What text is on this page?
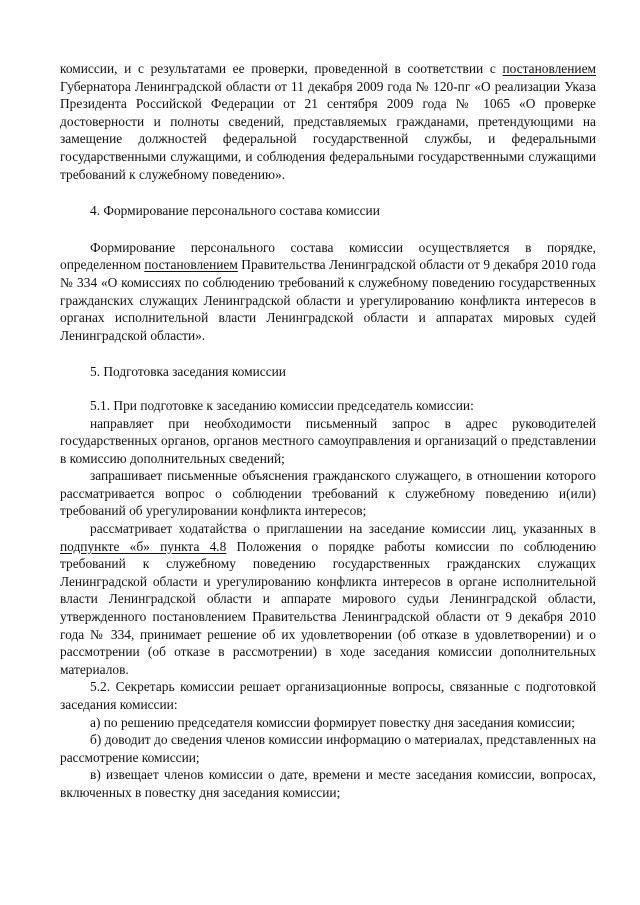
комиссии, и с результатами ее проверки, проведенной в соответствии с постановлением Губернатора Ленинградской области от 11 декабря 2009 года № 120-пг «О реализации Указа Президента Российской Федерации от 21 сентября 2009 года № 1065 «О проверке достоверности и полноты сведений, представляемых гражданами, претендующими на замещение должностей федеральной государственной службы, и федеральными государственными служащими, и соблюдения федеральными государственными служащими требований к служебному поведению».

4. Формирование персонального состава комиссии

Формирование персонального состава комиссии осуществляется в порядке, определенном постановлением Правительства Ленинградской области от 9 декабря 2010 года № 334 «О комиссиях по соблюдению требований к служебному поведению государственных гражданских служащих Ленинградской области и урегулированию конфликта интересов в органах исполнительной власти Ленинградской области и аппаратах мировых судей Ленинградской области».

5. Подготовка заседания комиссии

5.1. При подготовке к заседанию комиссии председатель комиссии:

направляет при необходимости письменный запрос в адрес руководителей государственных органов, органов местного самоуправления и организаций о представлении в комиссию дополнительных сведений;

запрашивает письменные объяснения гражданского служащего, в отношении которого рассматривается вопрос о соблюдении требований к служебному поведению и(или) требований об урегулировании конфликта интересов;

рассматривает ходатайства о приглашении на заседание комиссии лиц, указанных в подпункте «б» пункта 4.8 Положения о порядке работы комиссии по соблюдению требований к служебному поведению государственных гражданских служащих Ленинградской области и урегулированию конфликта интересов в органе исполнительной власти Ленинградской области и аппарате мирового судьи Ленинградской области, утвержденного постановлением Правительства Ленинградской области от 9 декабря 2010 года № 334, принимает решение об их удовлетворении (об отказе в удовлетворении) и о рассмотрении (об отказе в рассмотрении) в ходе заседания комиссии дополнительных материалов.

5.2. Секретарь комиссии решает организационные вопросы, связанные с подготовкой заседания комиссии:

а) по решению председателя комиссии формирует повестку дня заседания комиссии;

б) доводит до сведения членов комиссии информацию о материалах, представленных на рассмотрение комиссии;

в) извещает членов комиссии о дате, времени и месте заседания комиссии, вопросах, включенных в повестку дня заседания комиссии;
